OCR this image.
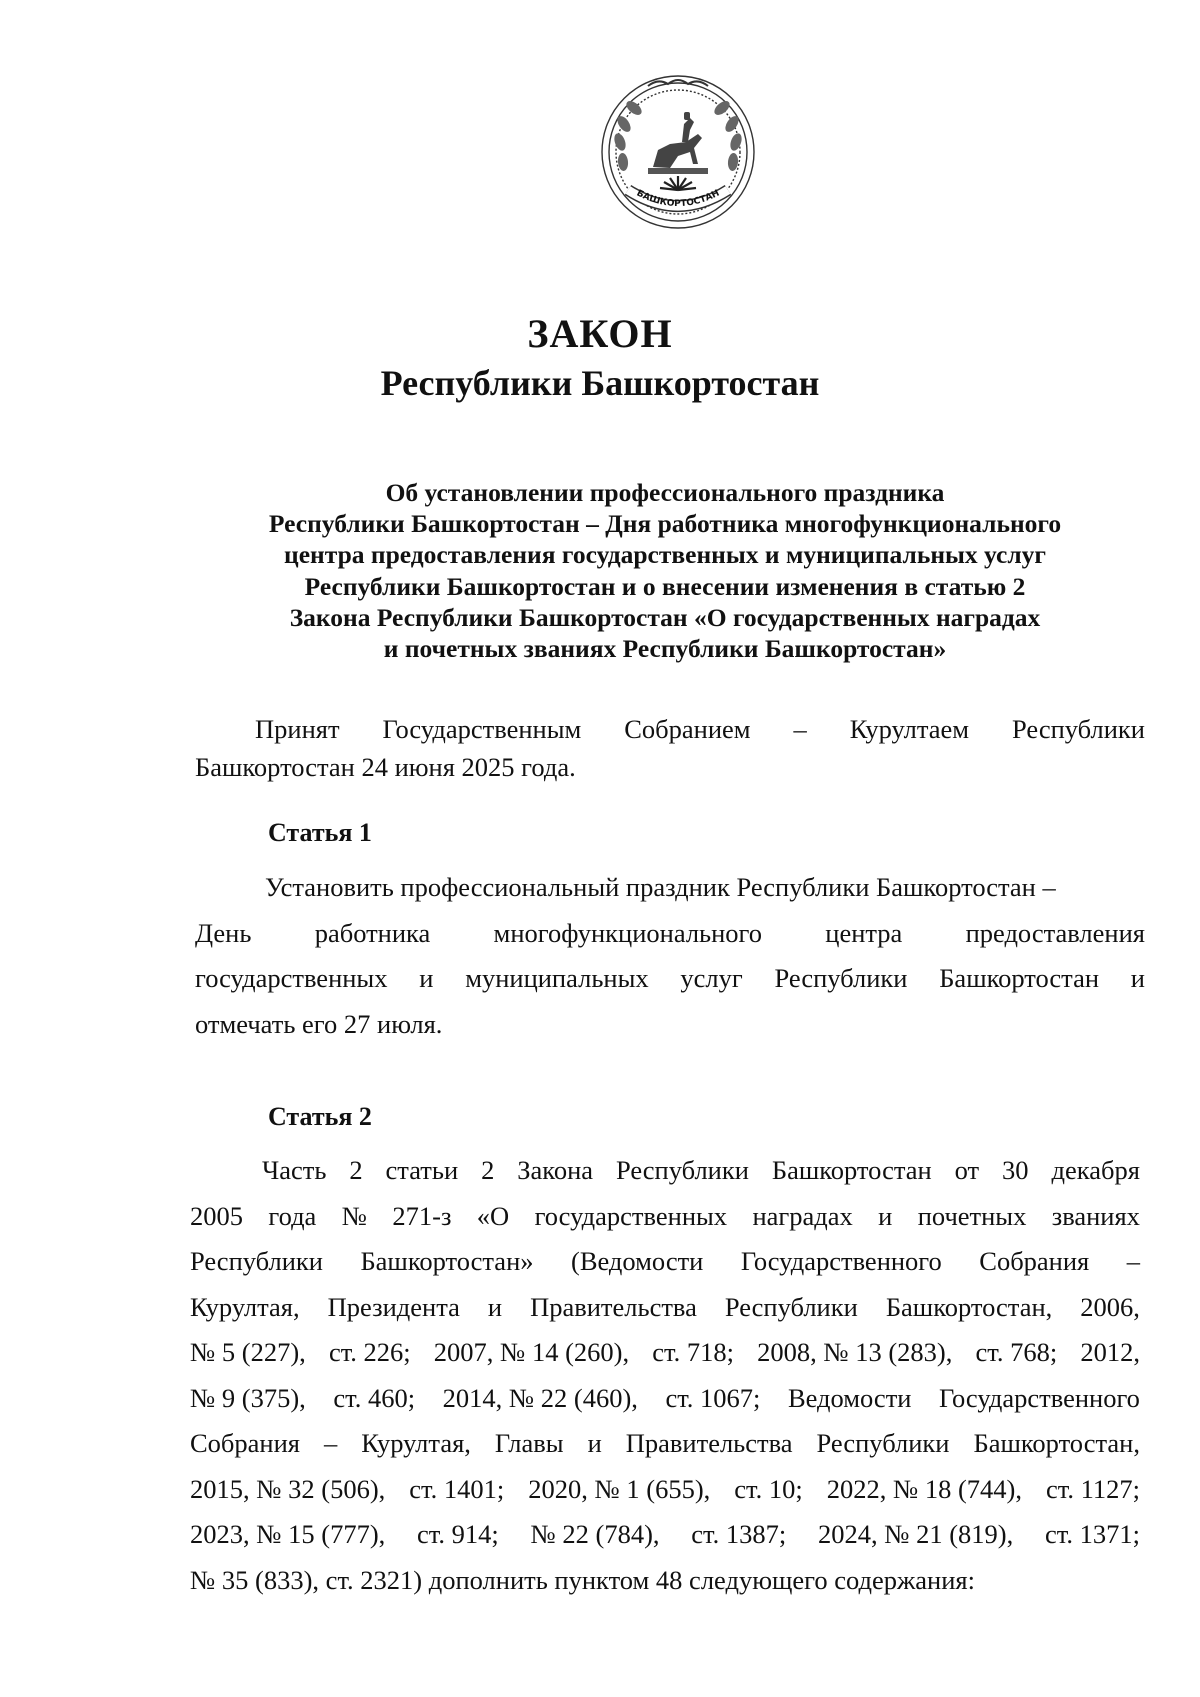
БАШКОРТОСТАН
ЗАКОН
Республики Башкортостан
Об установлении профессионального праздника
Республики Башкортостан – Дня работника многофункционального
центра предоставления государственных и муниципальных услуг
Республики Башкортостан и о внесении изменения в статью 2
Закона Республики Башкортостан «О государственных наградах
и почетных званиях Республики Башкортостан»
Принят Государственным Собранием – Курултаем Республики
Башкортостан 24 июня 2025 года.
Статья 1
Установить профессиональный праздник Республики Башкортостан –
День работника многофункционального центра предоставления
государственных и муниципальных услуг Республики Башкортостан и
отмечать его 27 июля.
Статья 2
Часть 2 статьи 2 Закона Республики Башкортостан от 30 декабря
2005 года № 271-з «О государственных наградах и почетных званиях
Республики Башкортостан» (Ведомости Государственного Собрания –
Курултая, Президента и Правительства Республики Башкортостан, 2006,
№ 5 (227), ст. 226; 2007, № 14 (260), ст. 718; 2008, № 13 (283), ст. 768; 2012,
№ 9 (375), ст. 460; 2014, № 22 (460), ст. 1067; Ведомости Государственного
Собрания – Курултая, Главы и Правительства Республики Башкортостан,
2015, № 32 (506), ст. 1401; 2020, № 1 (655), ст. 10; 2022, № 18 (744), ст. 1127;
2023, № 15 (777), ст. 914; № 22 (784), ст. 1387; 2024, № 21 (819), ст. 1371;
№ 35 (833), ст. 2321) дополнить пунктом 48 следующего содержания:
